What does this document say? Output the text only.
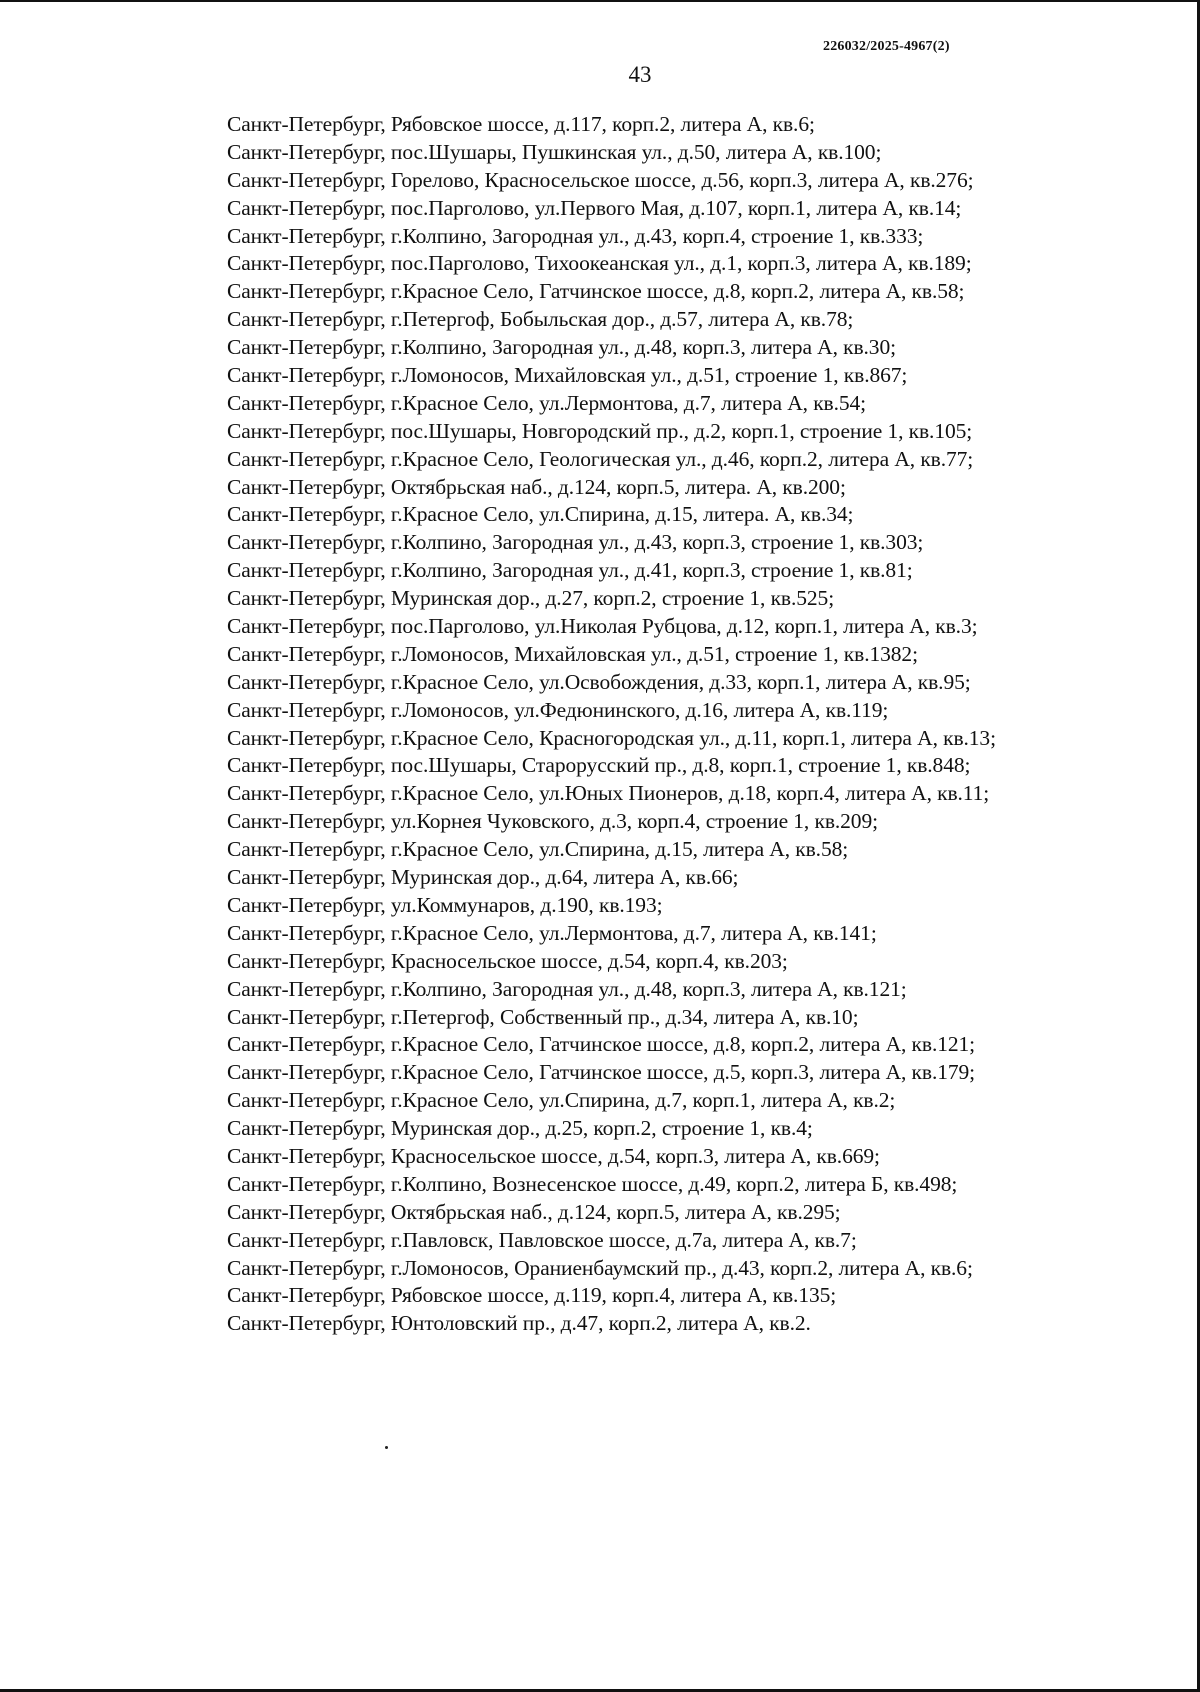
226032/2025-4967(2)
43
Санкт-Петербург, Рябовское шоссе, д.117, корп.2, литера А, кв.6;
Санкт-Петербург, пос.Шушары, Пушкинская ул., д.50, литера А, кв.100;
Санкт-Петербург, Горелово, Красносельское шоссе, д.56, корп.3, литера А, кв.276;
Санкт-Петербург, пос.Парголово, ул.Первого Мая, д.107, корп.1, литера А, кв.14;
Санкт-Петербург, г.Колпино, Загородная ул., д.43, корп.4, строение 1, кв.333;
Санкт-Петербург, пос.Парголово, Тихоокеанская ул., д.1, корп.3, литера А, кв.189;
Санкт-Петербург, г.Красное Село, Гатчинское шоссе, д.8, корп.2, литера А, кв.58;
Санкт-Петербург, г.Петергоф, Бобыльская дор., д.57, литера А, кв.78;
Санкт-Петербург, г.Колпино, Загородная ул., д.48, корп.3, литера А, кв.30;
Санкт-Петербург, г.Ломоносов, Михайловская ул., д.51, строение 1, кв.867;
Санкт-Петербург, г.Красное Село, ул.Лермонтова, д.7, литера А, кв.54;
Санкт-Петербург, пос.Шушары, Новгородский пр., д.2, корп.1, строение 1, кв.105;
Санкт-Петербург, г.Красное Село, Геологическая ул., д.46, корп.2, литера А, кв.77;
Санкт-Петербург, Октябрьская наб., д.124, корп.5, литера. А, кв.200;
Санкт-Петербург, г.Красное Село, ул.Спирина, д.15, литера. А, кв.34;
Санкт-Петербург, г.Колпино, Загородная ул., д.43, корп.3, строение 1, кв.303;
Санкт-Петербург, г.Колпино, Загородная ул., д.41, корп.3, строение 1, кв.81;
Санкт-Петербург, Муринская дор., д.27, корп.2, строение 1, кв.525;
Санкт-Петербург, пос.Парголово, ул.Николая Рубцова, д.12, корп.1, литера А, кв.3;
Санкт-Петербург, г.Ломоносов, Михайловская ул., д.51, строение 1, кв.1382;
Санкт-Петербург, г.Красное Село, ул.Освобождения, д.33, корп.1, литера А, кв.95;
Санкт-Петербург, г.Ломоносов, ул.Федюнинского, д.16, литера А, кв.119;
Санкт-Петербург, г.Красное Село, Красногородская ул., д.11, корп.1, литера А, кв.13;
Санкт-Петербург, пос.Шушары, Старорусский пр., д.8, корп.1, строение 1, кв.848;
Санкт-Петербург, г.Красное Село, ул.Юных Пионеров, д.18, корп.4, литера А, кв.11;
Санкт-Петербург, ул.Корнея Чуковского, д.3, корп.4, строение 1, кв.209;
Санкт-Петербург, г.Красное Село, ул.Спирина, д.15, литера А, кв.58;
Санкт-Петербург, Муринская дор., д.64, литера А, кв.66;
Санкт-Петербург, ул.Коммунаров, д.190, кв.193;
Санкт-Петербург, г.Красное Село, ул.Лермонтова, д.7, литера А, кв.141;
Санкт-Петербург, Красносельское шоссе, д.54, корп.4, кв.203;
Санкт-Петербург, г.Колпино, Загородная ул., д.48, корп.3, литера А, кв.121;
Санкт-Петербург, г.Петергоф, Собственный пр., д.34, литера А, кв.10;
Санкт-Петербург, г.Красное Село, Гатчинское шоссе, д.8, корп.2, литера А, кв.121;
Санкт-Петербург, г.Красное Село, Гатчинское шоссе, д.5, корп.3, литера А, кв.179;
Санкт-Петербург, г.Красное Село, ул.Спирина, д.7, корп.1, литера А, кв.2;
Санкт-Петербург, Муринская дор., д.25, корп.2, строение 1, кв.4;
Санкт-Петербург, Красносельское шоссе, д.54, корп.3, литера А, кв.669;
Санкт-Петербург, г.Колпино, Вознесенское шоссе, д.49, корп.2, литера Б, кв.498;
Санкт-Петербург, Октябрьская наб., д.124, корп.5, литера А, кв.295;
Санкт-Петербург, г.Павловск, Павловское шоссе, д.7а, литера А, кв.7;
Санкт-Петербург, г.Ломоносов, Ораниенбаумский пр., д.43, корп.2, литера А, кв.6;
Санкт-Петербург, Рябовское шоссе, д.119, корп.4, литера А, кв.135;
Санкт-Петербург, Юнтоловский пр., д.47, корп.2, литера А, кв.2.
